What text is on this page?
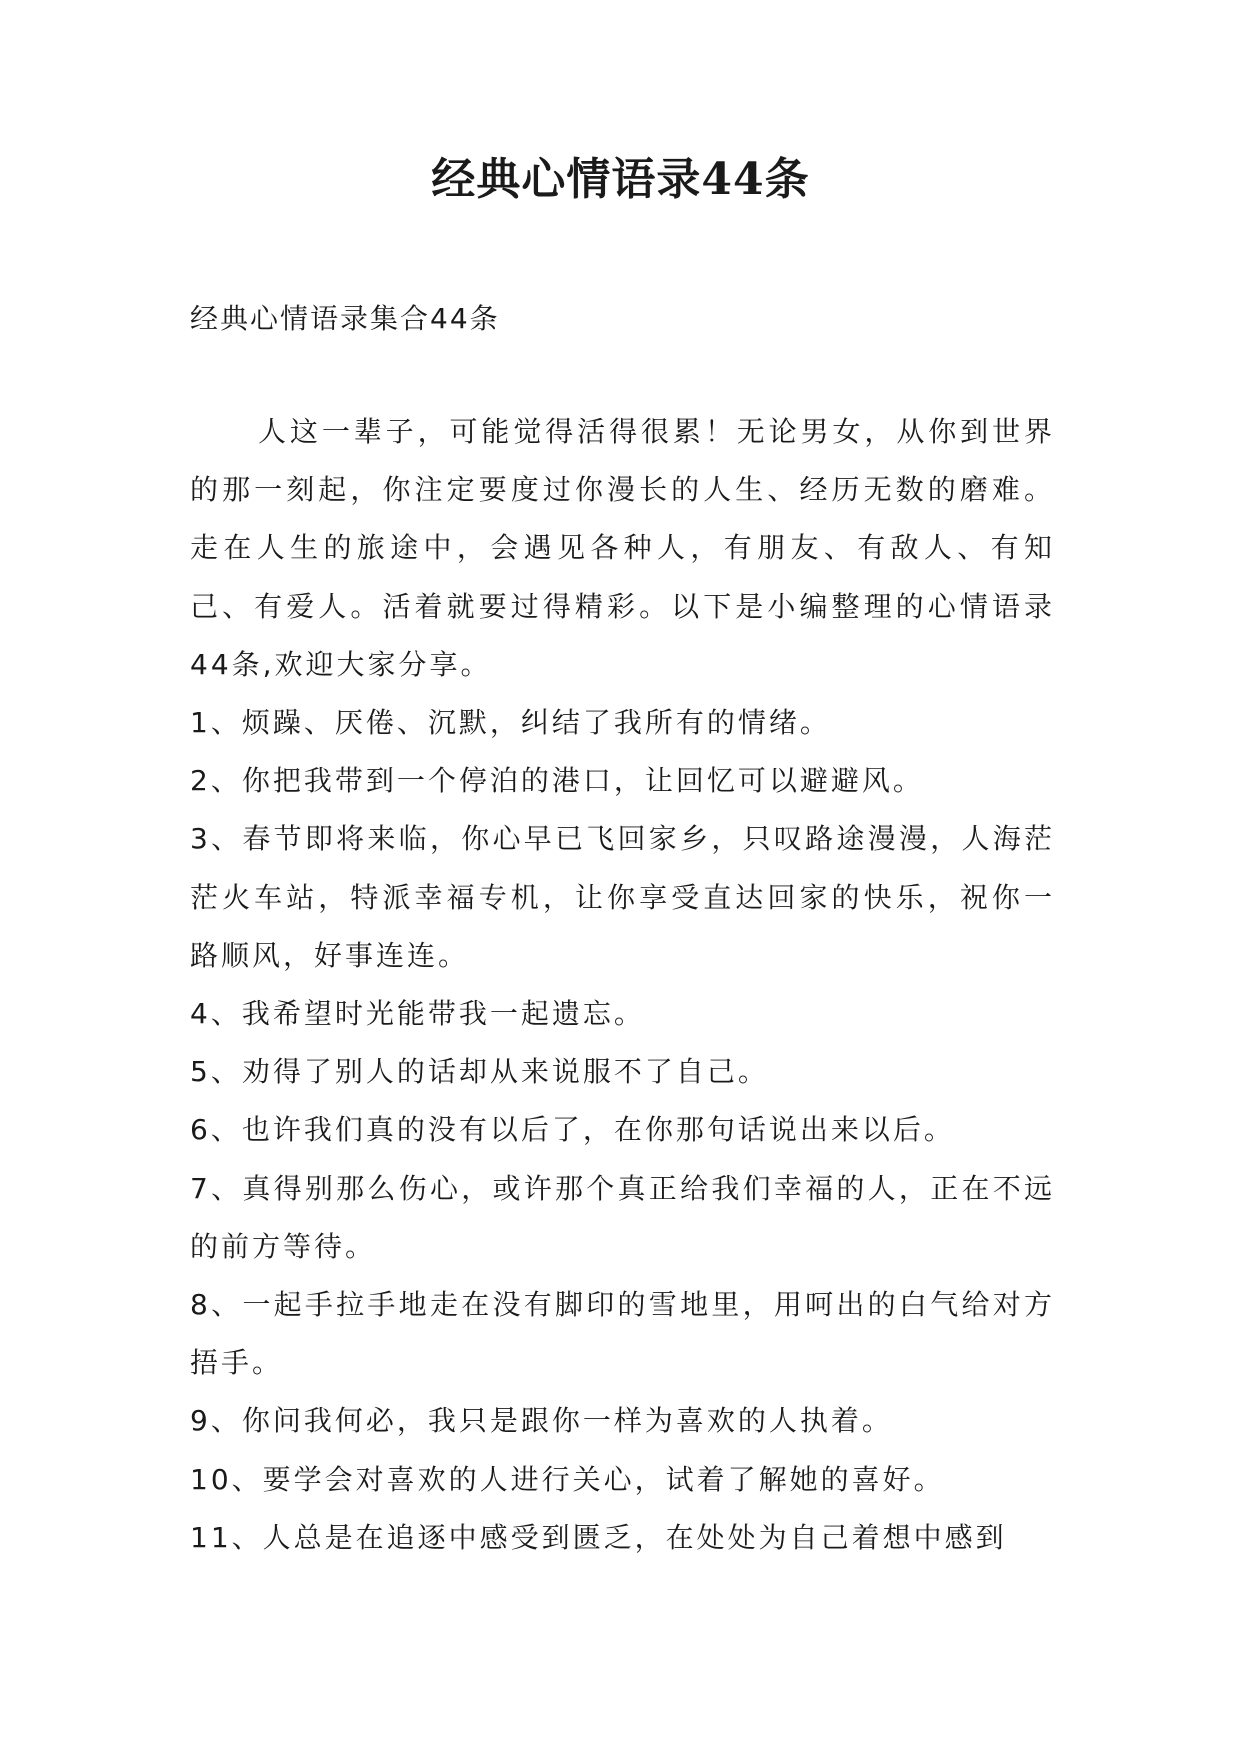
经典心情语录44条
经典心情语录集合44条

人这一辈子，可能觉得活得很累！无论男女，从你到世界的那一刻起，你注定要度过你漫长的人生、经历无数的磨难。走在人生的旅途中，会遇见各种人，有朋友、有敌人、有知己、有爱人。活着就要过得精彩。以下是小编整理的心情语录44条,欢迎大家分享。

1、烦躁、厌倦、沉默，纠结了我所有的情绪。

2、你把我带到一个停泊的港口，让回忆可以避避风。

3、春节即将来临，你心早已飞回家乡，只叹路途漫漫，人海茫茫火车站，特派幸福专机，让你享受直达回家的快乐，祝你一路顺风，好事连连。

4、我希望时光能带我一起遗忘。

5、劝得了别人的话却从来说服不了自己。

6、也许我们真的没有以后了，在你那句话说出来以后。

7、真得别那么伤心，或许那个真正给我们幸福的人，正在不远的前方等待。

8、一起手拉手地走在没有脚印的雪地里，用呵出的白气给对方捂手。

9、你问我何必，我只是跟你一样为喜欢的人执着。

10、要学会对喜欢的人进行关心，试着了解她的喜好。

11、人总是在追逐中感受到匮乏，在处处为自己着想中感到
